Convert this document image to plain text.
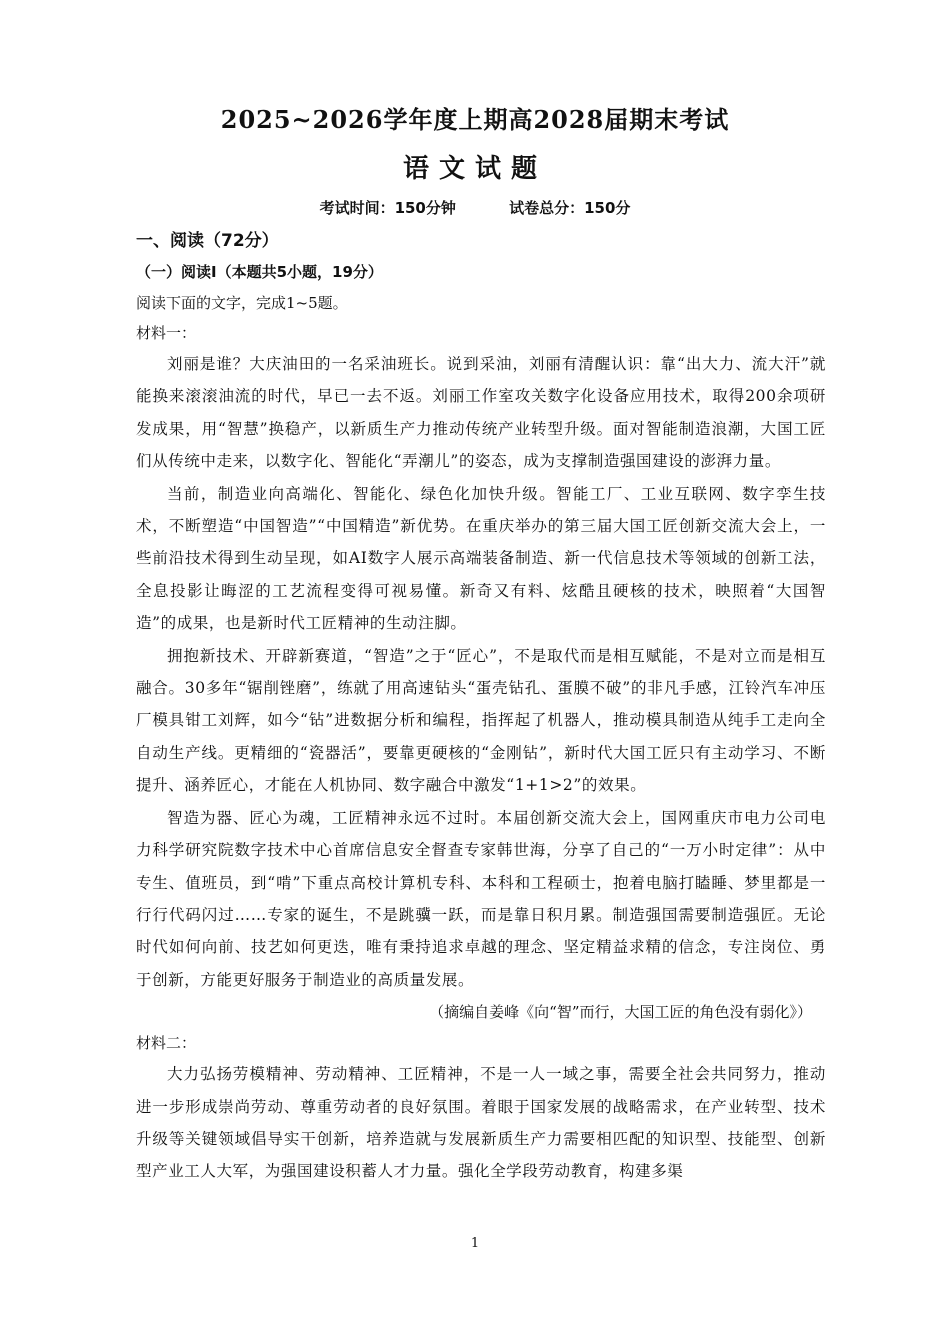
2025~2026学年度上期高2028届期末考试
语文试题
考试时间：150分钟	试卷总分：150分
一、阅读（72分）
（一）阅读Ⅰ（本题共5小题，19分）
阅读下面的文字，完成1~5题。
材料一：

刘丽是谁？大庆油田的一名采油班长。说到采油，刘丽有清醒认识：靠“出大力、流大汗”就能换来滚滚油流的时代，早已一去不返。刘丽工作室攻关数字化设备应用技术，取得200余项研发成果，用“智慧”换稳产，以新质生产力推动传统产业转型升级。面对智能制造浪潮，大国工匠们从传统中走来，以数字化、智能化“弄潮儿”的姿态，成为支撑制造强国建设的澎湃力量。

当前，制造业向高端化、智能化、绿色化加快升级。智能工厂、工业互联网、数字孪生技术，不断塑造“中国智造”“中国精造”新优势。在重庆举办的第三届大国工匠创新交流大会上，一些前沿技术得到生动呈现，如AI数字人展示高端装备制造、新一代信息技术等领域的创新工法，全息投影让晦涩的工艺流程变得可视易懂。新奇又有料、炫酷且硬核的技术，映照着“大国智造”的成果，也是新时代工匠精神的生动注脚。

拥抱新技术、开辟新赛道，“智造”之于“匠心”，不是取代而是相互赋能，不是对立而是相互融合。30多年“锯削锉磨”，练就了用高速钻头“蛋壳钻孔、蛋膜不破”的非凡手感，江铃汽车冲压厂模具钳工刘辉，如今“钻”进数据分析和编程，指挥起了机器人，推动模具制造从纯手工走向全自动生产线。更精细的“瓷器活”，要靠更硬核的“金刚钻”，新时代大国工匠只有主动学习、不断提升、涵养匠心，才能在人机协同、数字融合中激发“1+1>2”的效果。

智造为器、匠心为魂，工匠精神永远不过时。本届创新交流大会上，国网重庆市电力公司电力科学研究院数字技术中心首席信息安全督查专家韩世海，分享了自己的“一万小时定律”：从中专生、值班员，到“啃”下重点高校计算机专科、本科和工程硕士，抱着电脑打瞌睡、梦里都是一行行代码闪过……专家的诞生，不是跳骥一跃，而是靠日积月累。制造强国需要制造强匠。无论时代如何向前、技艺如何更迭，唯有秉持追求卓越的理念、坚定精益求精的信念，专注岗位、勇于创新，方能更好服务于制造业的高质量发展。

（摘编自姜峰《向“智”而行，大国工匠的角色没有弱化》）
材料二：

大力弘扬劳模精神、劳动精神、工匠精神，不是一人一域之事，需要全社会共同努力，推动进一步形成崇尚劳动、尊重劳动者的良好氛围。着眼于国家发展的战略需求，在产业转型、技术升级等关键领域倡导实干创新，培养造就与发展新质生产力需要相匹配的知识型、技能型、创新型产业工人大军，为强国建设积蓄人才力量。强化全学段劳动教育，构建多渠

1
